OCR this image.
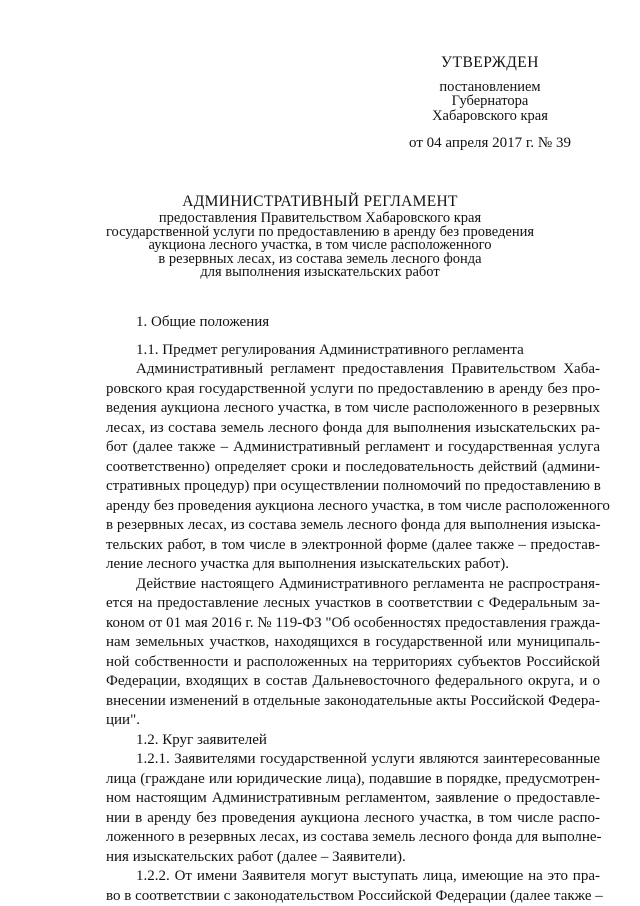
УТВЕРЖДЕН
постановлением
Губернатора
Хабаровского края
от 04 апреля 2017 г. № 39
АДМИНИСТРАТИВНЫЙ РЕГЛАМЕНТ
предоставления Правительством Хабаровского края
государственной услуги по предоставлению в аренду без проведения
аукциона лесного участка, в том числе расположенного
в резервных лесах, из состава земель лесного фонда
для выполнения изыскательских работ
1. Общие положения
1.1. Предмет регулирования Административного регламента
Административный регламент предоставления Правительством Хаба-
ровского края государственной услуги по предоставлению в аренду без про-
ведения аукциона лесного участка, в том числе расположенного в резервных
лесах, из состава земель лесного фонда для выполнения изыскательских ра-
бот (далее также – Административный регламент и государственная услуга
соответственно) определяет сроки и последовательность действий (админи-
стративных процедур) при осуществлении полномочий по предоставлению в
аренду без проведения аукциона лесного участка, в том числе расположенного
в резервных лесах, из состава земель лесного фонда для выполнения изыска-
тельских работ, в том числе в электронной форме (далее также – предостав-
ление лесного участка для выполнения изыскательских работ).
Действие настоящего Административного регламента не распространя-
ется на предоставление лесных участков в соответствии с Федеральным за-
коном от 01 мая 2016 г. № 119-ФЗ "Об особенностях предоставления гражда-
нам земельных участков, находящихся в государственной или муниципаль-
ной собственности и расположенных на территориях субъектов Российской
Федерации, входящих в состав Дальневосточного федерального округа, и о
внесении изменений в отдельные законодательные акты Российской Федера-
ции".
1.2. Круг заявителей
1.2.1. Заявителями государственной услуги являются заинтересованные
лица (граждане или юридические лица), подавшие в порядке, предусмотрен-
ном настоящим Административным регламентом, заявление о предоставле-
нии в аренду без проведения аукциона лесного участка, в том числе распо-
ложенного в резервных лесах, из состава земель лесного фонда для выполне-
ния изыскательских работ (далее – Заявители).
1.2.2. От имени Заявителя могут выступать лица, имеющие на это пра-
во в соответствии с законодательством Российской Федерации (далее также –
